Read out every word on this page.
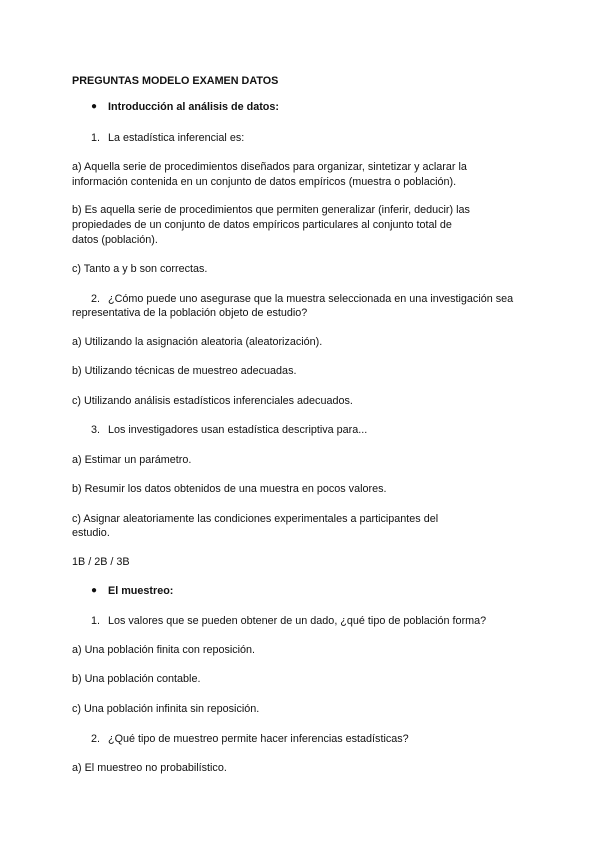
PREGUNTAS MODELO EXAMEN DATOS
● Introducción al análisis de datos:
1. La estadística inferencial es:
a) Aquella serie de procedimientos diseñados para organizar, sintetizar y aclarar la
información contenida en un conjunto de datos empíricos (muestra o población).
b) Es aquella serie de procedimientos que permiten generalizar (inferir, deducir) las
propiedades de un conjunto de datos empíricos particulares al conjunto total de
datos (población).
c) Tanto a y b son correctas.
2. ¿Cómo puede uno asegurase que la muestra seleccionada en una investigación sea
representativa de la población objeto de estudio?
a) Utilizando la asignación aleatoria (aleatorización).
b) Utilizando técnicas de muestreo adecuadas.
c) Utilizando análisis estadísticos inferenciales adecuados.
3. Los investigadores usan estadística descriptiva para...
a) Estimar un parámetro.
b) Resumir los datos obtenidos de una muestra en pocos valores.
c) Asignar aleatoriamente las condiciones experimentales a participantes del
estudio.
1B / 2B / 3B
● El muestreo:
1. Los valores que se pueden obtener de un dado, ¿qué tipo de población forma?
a) Una población finita con reposición.
b) Una población contable.
c) Una población infinita sin reposición.
2. ¿Qué tipo de muestreo permite hacer inferencias estadísticas?
a) El muestreo no probabilístico.
